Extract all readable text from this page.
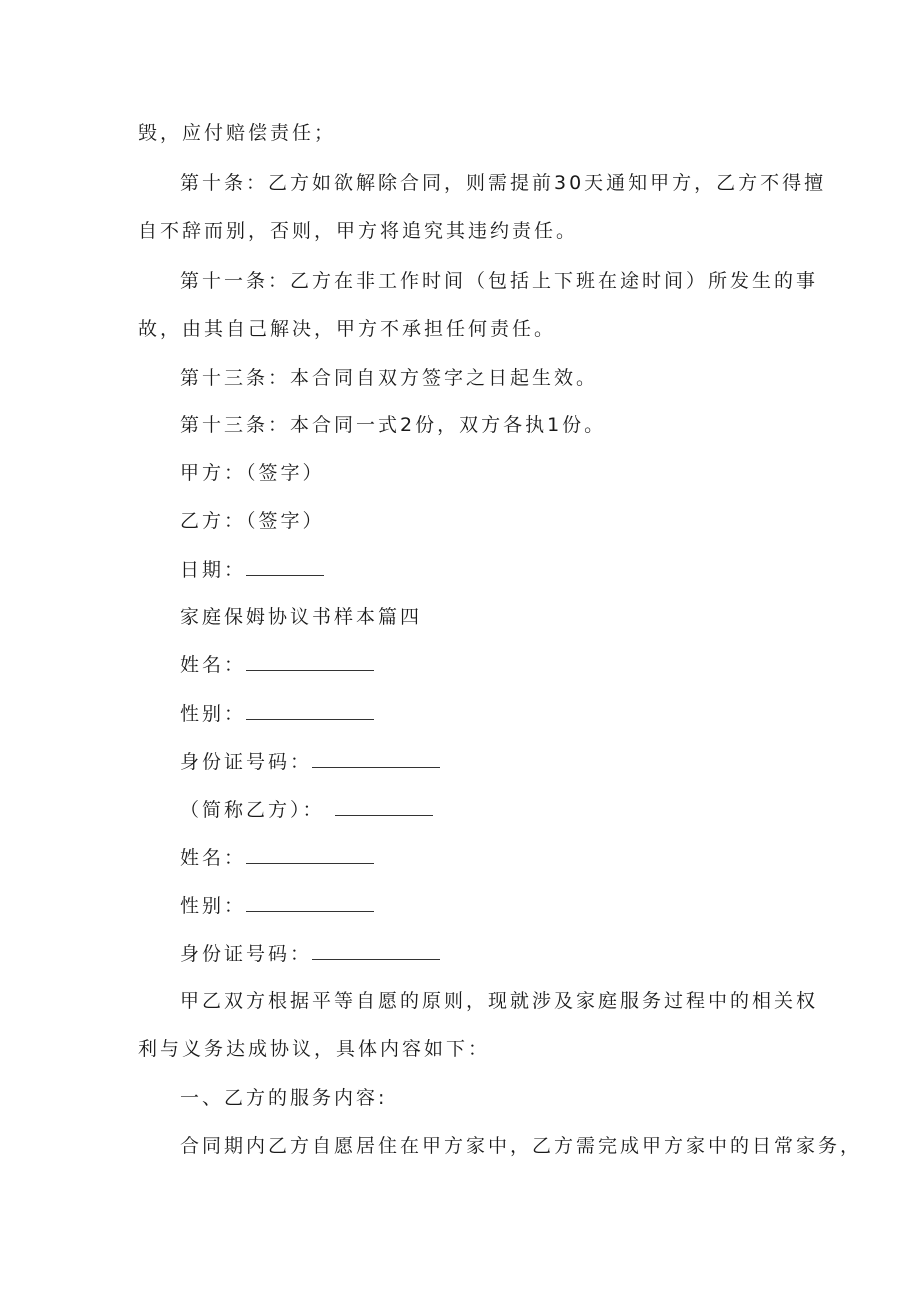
毁，应付赔偿责任；
第十条：乙方如欲解除合同，则需提前30天通知甲方，乙方不得擅
自不辞而别，否则，甲方将追究其违约责任。
第十一条：乙方在非工作时间（包括上下班在途时间）所发生的事
故，由其自己解决，甲方不承担任何责任。
第十三条：本合同自双方签字之日起生效。
第十三条：本合同一式2份，双方各执1份。
甲方：（签字）
乙方：（签字）
日期：
家庭保姆协议书样本篇四
姓名：
性别：
身份证号码：
（简称乙方）：
姓名：
性别：
身份证号码：
甲乙双方根据平等自愿的原则，现就涉及家庭服务过程中的相关权
利与义务达成协议，具体内容如下：
一、乙方的服务内容:
合同期内乙方自愿居住在甲方家中，乙方需完成甲方家中的日常家务，
